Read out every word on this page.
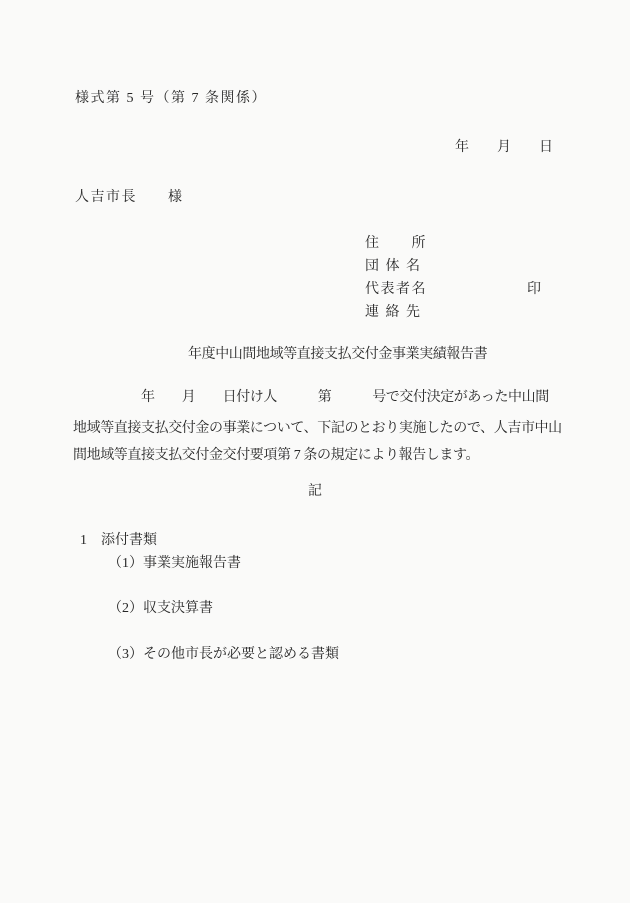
様式第 5 号（第 7 条関係）
年　　月　　日
人吉市長　　様
住　　所
団 体 名
代表者名	印
連 絡 先
年度中山間地域等直接支払交付金事業実績報告書
　　　　　年　　月　　日付け人　　　第　　　号で交付決定があった中山間
地域等直接支払交付金の事業について、下記のとおり実施したので、人吉市中山
間地域等直接支払交付金交付要項第 7 条の規定により報告します。
記
1　添付書類
（1）事業実施報告書
（2）収支決算書
（3）その他市長が必要と認める書類
